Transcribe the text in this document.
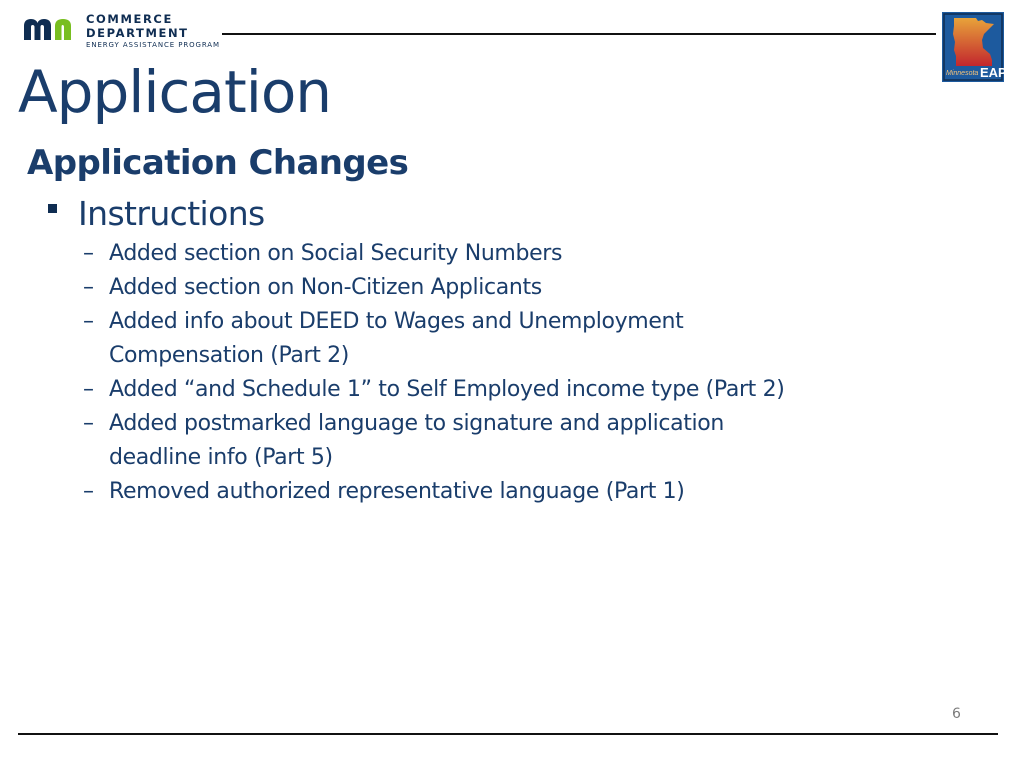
COMMERCE
DEPARTMENT
ENERGY ASSISTANCE PROGRAM
Minnesota EAP
Application
Application Changes
Instructions
– Added section on Social Security Numbers
– Added section on Non-Citizen Applicants
– Added info about DEED to Wages and Unemployment Compensation (Part 2)
– Added “and Schedule 1” to Self Employed income type (Part 2)
– Added postmarked language to signature and application deadline info (Part 5)
– Removed authorized representative language (Part 1)
6
